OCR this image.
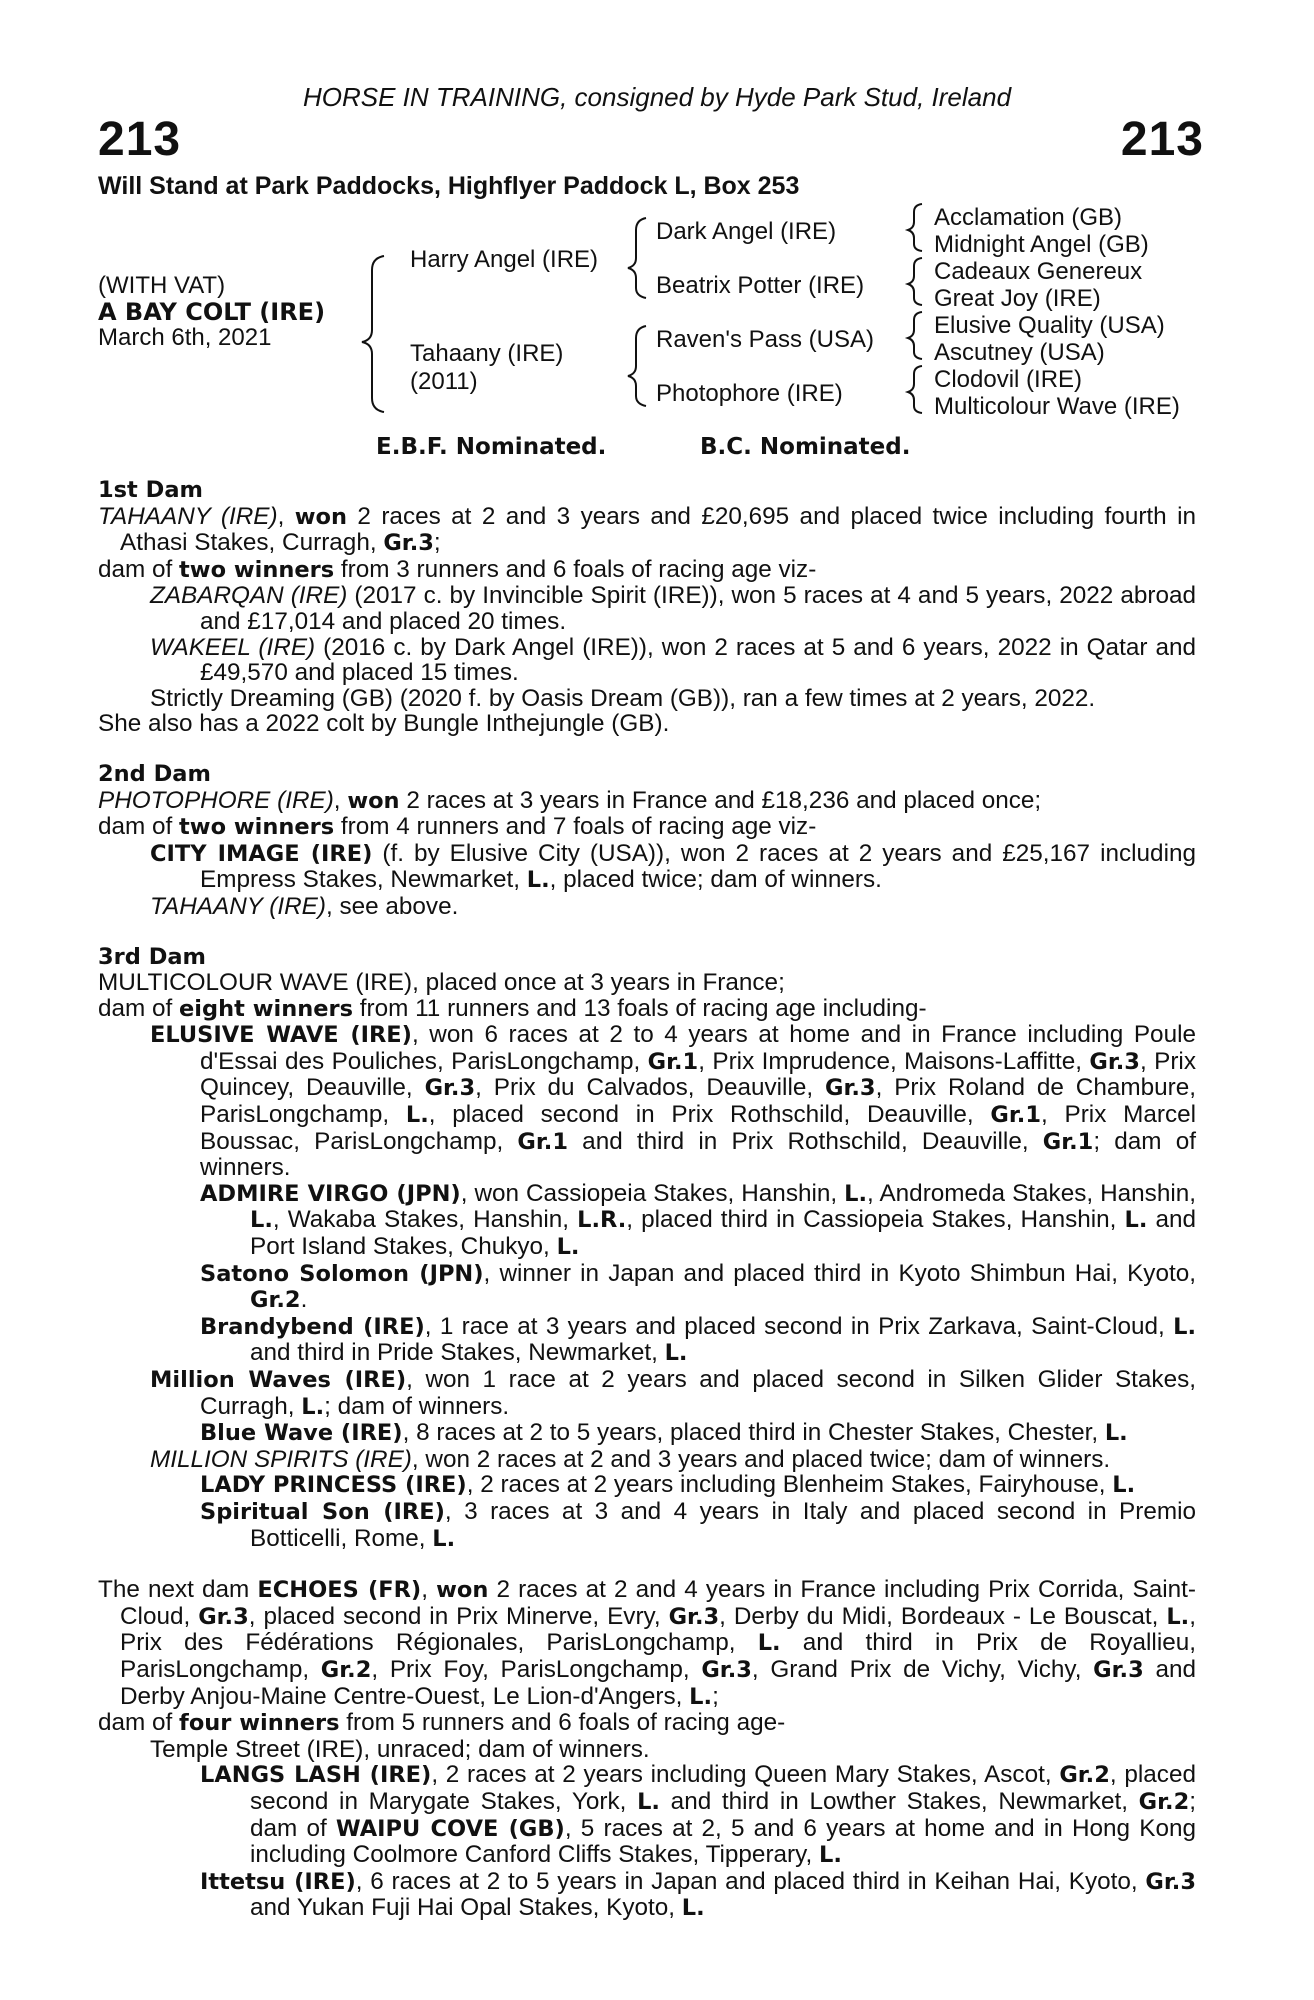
HORSE IN TRAINING, consigned by Hyde Park Stud, Ireland
213	213
Will Stand at Park Paddocks, Highflyer Paddock L, Box 253
(WITH VAT)
A BAY COLT (IRE)
March 6th, 2021
Harry Angel (IRE)
Tahaany (IRE)
(2011)
Dark Angel (IRE)
Beatrix Potter (IRE)
Raven's Pass (USA)
Photophore (IRE)
Acclamation (GB)
Midnight Angel (GB)
Cadeaux Genereux
Great Joy (IRE)
Elusive Quality (USA)
Ascutney (USA)
Clodovil (IRE)
Multicolour Wave (IRE)
E.B.F. Nominated.	B.C. Nominated.

1st Dam

TAHAANY (IRE), won 2 races at 2 and 3 years and £20,695 and placed twice including fourth in Athasi Stakes, Curragh, Gr.3;

dam of two winners from 3 runners and 6 foals of racing age viz-

ZABARQAN (IRE) (2017 c. by Invincible Spirit (IRE)), won 5 races at 4 and 5 years, 2022 abroad and £17,014 and placed 20 times.

WAKEEL (IRE) (2016 c. by Dark Angel (IRE)), won 2 races at 5 and 6 years, 2022 in Qatar and £49,570 and placed 15 times.

Strictly Dreaming (GB) (2020 f. by Oasis Dream (GB)), ran a few times at 2 years, 2022.

She also has a 2022 colt by Bungle Inthejungle (GB).

2nd Dam

PHOTOPHORE (IRE), won 2 races at 3 years in France and £18,236 and placed once;

dam of two winners from 4 runners and 7 foals of racing age viz-

CITY IMAGE (IRE) (f. by Elusive City (USA)), won 2 races at 2 years and £25,167 including Empress Stakes, Newmarket, L., placed twice; dam of winners.

TAHAANY (IRE), see above.

3rd Dam

MULTICOLOUR WAVE (IRE), placed once at 3 years in France;

dam of eight winners from 11 runners and 13 foals of racing age including-

ELUSIVE WAVE (IRE), won 6 races at 2 to 4 years at home and in France including Poule d'Essai des Pouliches, ParisLongchamp, Gr.1, Prix Imprudence, Maisons-Laffitte, Gr.3, Prix Quincey, Deauville, Gr.3, Prix du Calvados, Deauville, Gr.3, Prix Roland de Chambure, ParisLongchamp, L., placed second in Prix Rothschild, Deauville, Gr.1, Prix Marcel Boussac, ParisLongchamp, Gr.1 and third in Prix Rothschild, Deauville, Gr.1; dam of winners.

ADMIRE VIRGO (JPN), won Cassiopeia Stakes, Hanshin, L., Andromeda Stakes, Hanshin, L., Wakaba Stakes, Hanshin, L.R., placed third in Cassiopeia Stakes, Hanshin, L. and Port Island Stakes, Chukyo, L.

Satono Solomon (JPN), winner in Japan and placed third in Kyoto Shimbun Hai, Kyoto, Gr.2.

Brandybend (IRE), 1 race at 3 years and placed second in Prix Zarkava, Saint-Cloud, L. and third in Pride Stakes, Newmarket, L.

Million Waves (IRE), won 1 race at 2 years and placed second in Silken Glider Stakes, Curragh, L.; dam of winners.

Blue Wave (IRE), 8 races at 2 to 5 years, placed third in Chester Stakes, Chester, L.

MILLION SPIRITS (IRE), won 2 races at 2 and 3 years and placed twice; dam of winners.

LADY PRINCESS (IRE), 2 races at 2 years including Blenheim Stakes, Fairyhouse, L.

Spiritual Son (IRE), 3 races at 3 and 4 years in Italy and placed second in Premio Botticelli, Rome, L.

The next dam ECHOES (FR), won 2 races at 2 and 4 years in France including Prix Corrida, Saint-Cloud, Gr.3, placed second in Prix Minerve, Evry, Gr.3, Derby du Midi, Bordeaux - Le Bouscat, L., Prix des Fédérations Régionales, ParisLongchamp, L. and third in Prix de Royallieu, ParisLongchamp, Gr.2, Prix Foy, ParisLongchamp, Gr.3, Grand Prix de Vichy, Vichy, Gr.3 and Derby Anjou-Maine Centre-Ouest, Le Lion-d'Angers, L.;

dam of four winners from 5 runners and 6 foals of racing age-

Temple Street (IRE), unraced; dam of winners.

LANGS LASH (IRE), 2 races at 2 years including Queen Mary Stakes, Ascot, Gr.2, placed second in Marygate Stakes, York, L. and third in Lowther Stakes, Newmarket, Gr.2; dam of WAIPU COVE (GB), 5 races at 2, 5 and 6 years at home and in Hong Kong including Coolmore Canford Cliffs Stakes, Tipperary, L.

Ittetsu (IRE), 6 races at 2 to 5 years in Japan and placed third in Keihan Hai, Kyoto, Gr.3 and Yukan Fuji Hai Opal Stakes, Kyoto, L.
